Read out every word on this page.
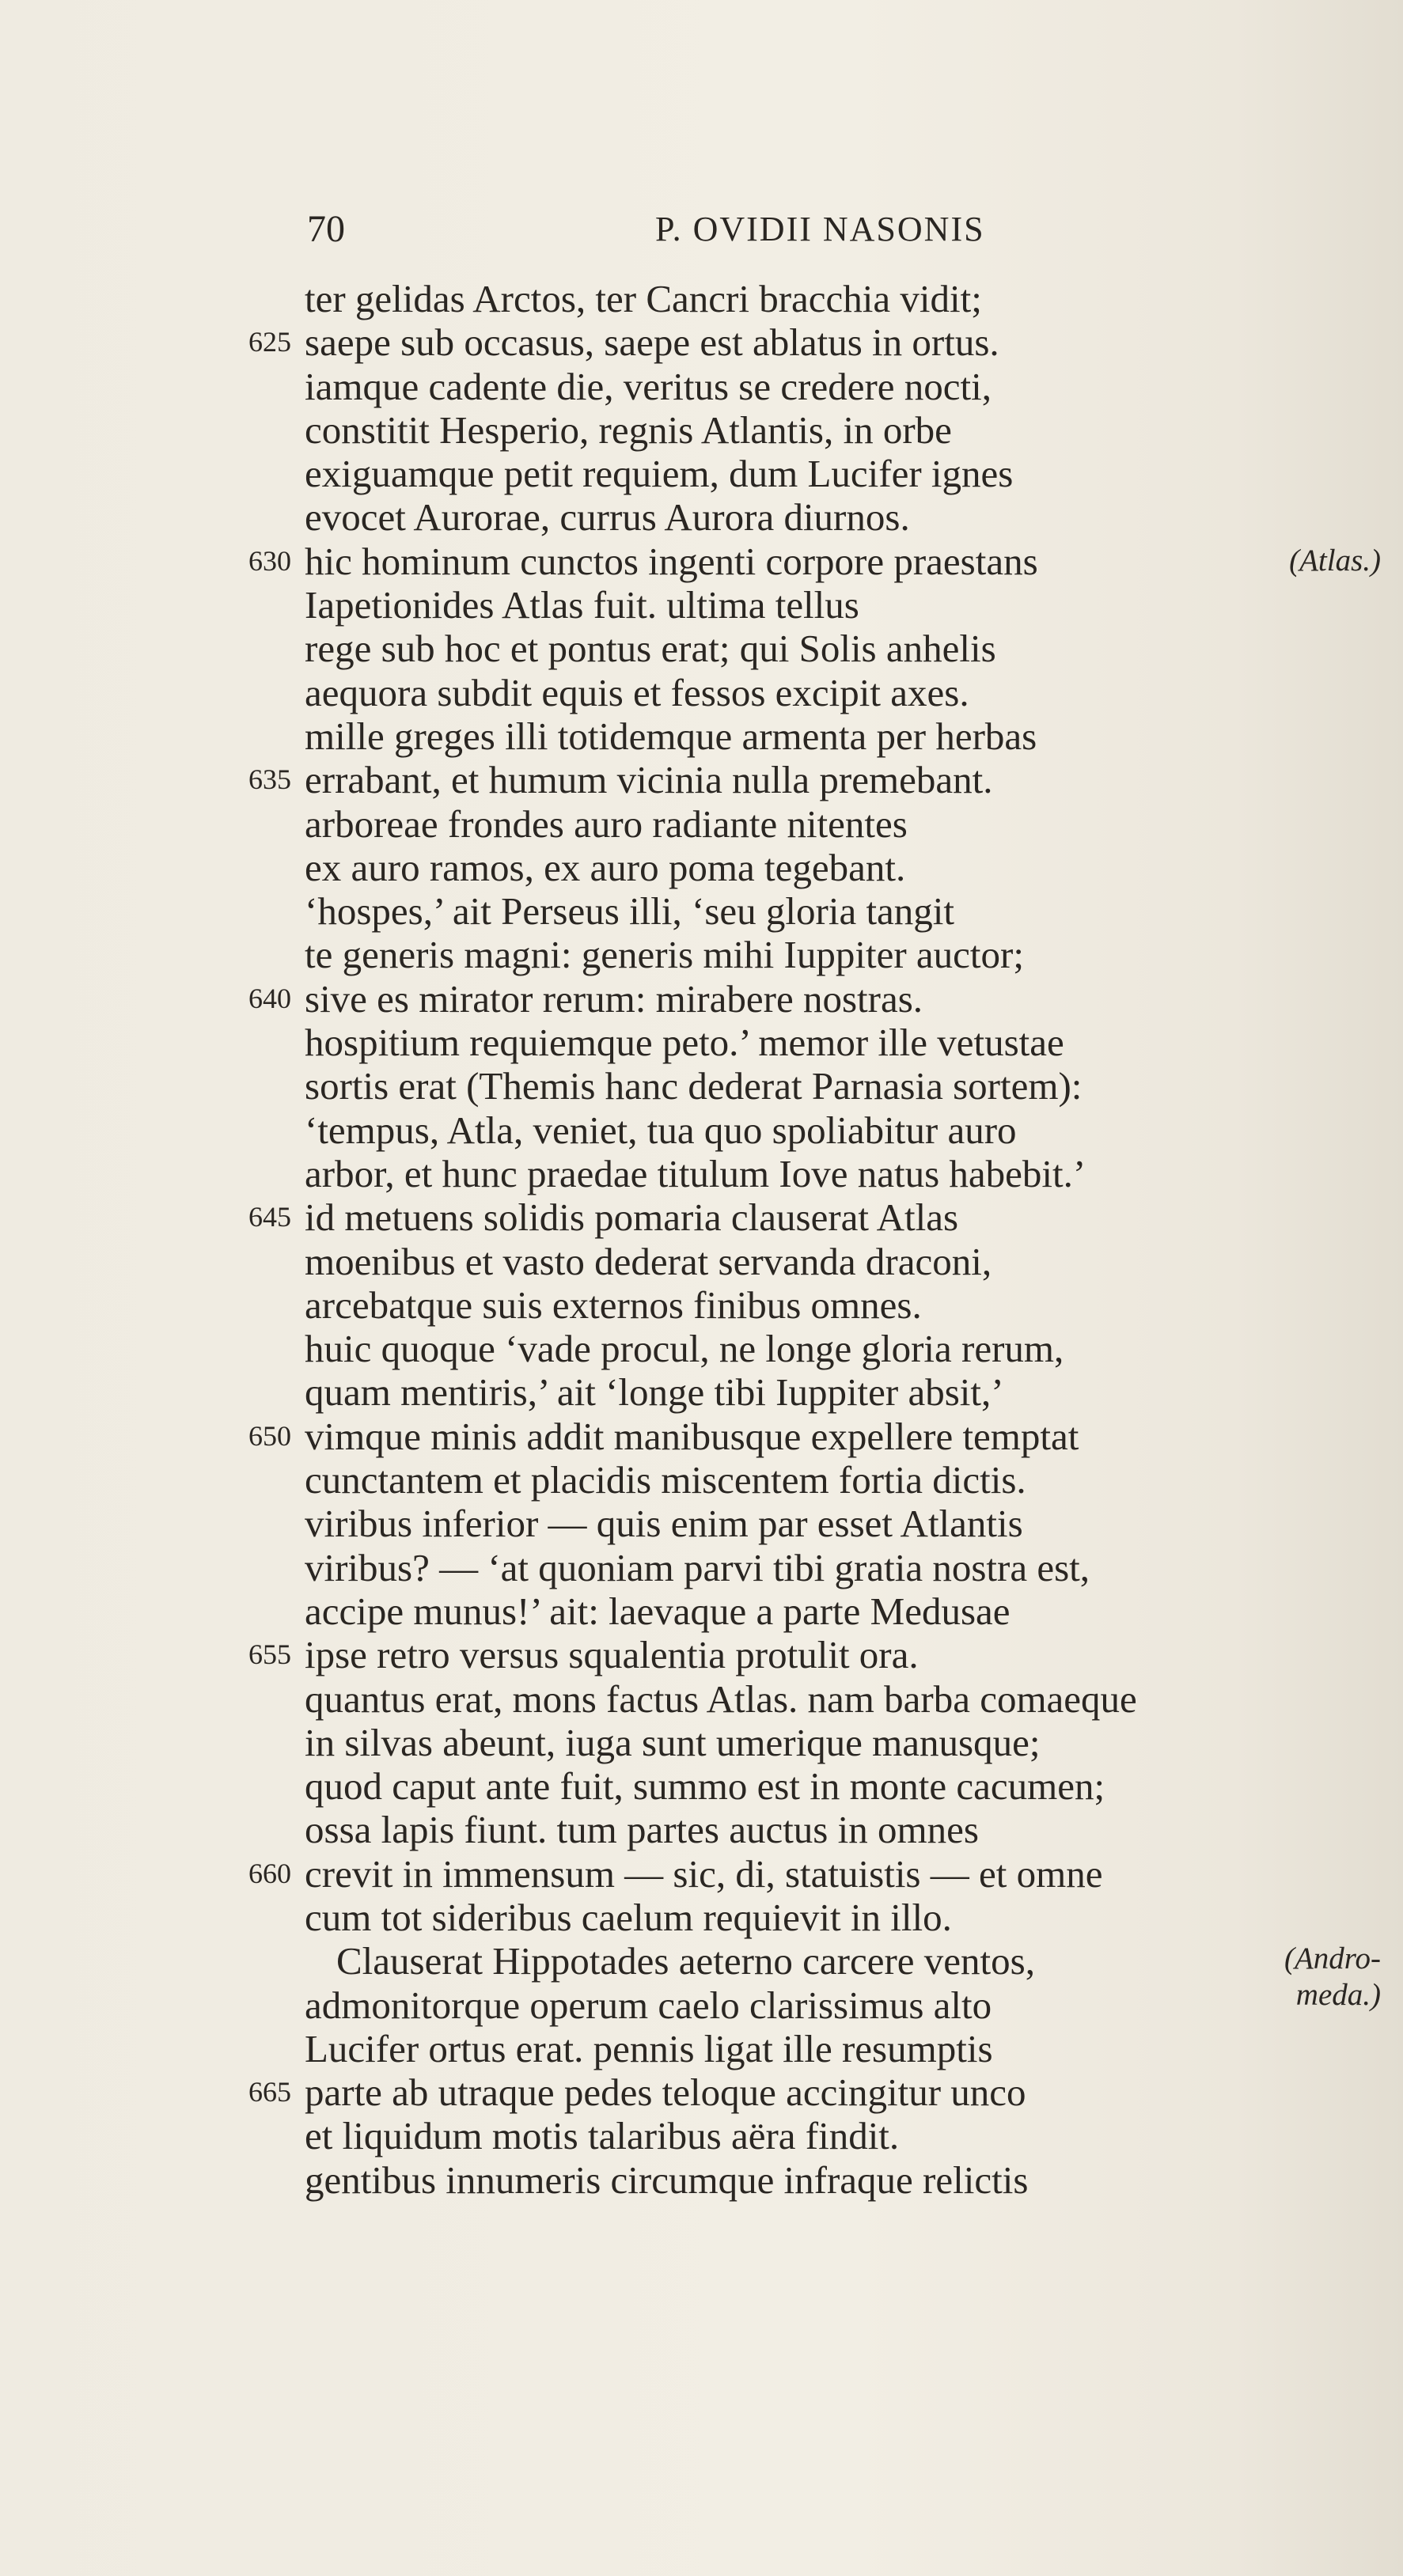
70	P. OVIDII NASONIS
ter gelidas Arctos, ter Cancri bracchia vidit;
625 saepe sub occasus, saepe est ablatus in ortus.
iamque cadente die, veritus se credere nocti,
constitit Hesperio, regnis Atlantis, in orbe
exiguamque petit requiem, dum Lucifer ignes
evocet Aurorae, currus Aurora diurnos.
630 hic hominum cunctos ingenti corpore praestans	(Atlas.)
Iapetionides Atlas fuit. ultima tellus
rege sub hoc et pontus erat; qui Solis anhelis
aequora subdit equis et fessos excipit axes.
mille greges illi totidemque armenta per herbas
635 errabant, et humum vicinia nulla premebant.
arboreae frondes auro radiante nitentes
ex auro ramos, ex auro poma tegebant.
‘hospes,’ ait Perseus illi, ‘seu gloria tangit
te generis magni: generis mihi Iuppiter auctor;
640 sive es mirator rerum: mirabere nostras.
hospitium requiemque peto.’ memor ille vetustae
sortis erat (Themis hanc dederat Parnasia sortem):
‘tempus, Atla, veniet, tua quo spoliabitur auro
arbor, et hunc praedae titulum Iove natus habebit.’
645 id metuens solidis pomaria clauserat Atlas
moenibus et vasto dederat servanda draconi,
arcebatque suis externos finibus omnes.
huic quoque ‘vade procul, ne longe gloria rerum,
quam mentiris,’ ait ‘longe tibi Iuppiter absit,’
650 vimque minis addit manibusque expellere temptat
cunctantem et placidis miscentem fortia dictis.
viribus inferior — quis enim par esset Atlantis
viribus? — ‘at quoniam parvi tibi gratia nostra est,
accipe munus!’ ait: laevaque a parte Medusae
655 ipse retro versus squalentia protulit ora.
quantus erat, mons factus Atlas. nam barba comaeque
in silvas abeunt, iuga sunt umerique manusque;
quod caput ante fuit, summo est in monte cacumen;
ossa lapis fiunt. tum partes auctus in omnes
660 crevit in immensum — sic, di, statuistis — et omne
cum tot sideribus caelum requievit in illo.
Clauserat Hippotades aeterno carcere ventos,	(Andro-
meda.)
admonitorque operum caelo clarissimus alto
Lucifer ortus erat. pennis ligat ille resumptis
665 parte ab utraque pedes teloque accingitur unco
et liquidum motis talaribus aëra findit.
gentibus innumeris circumque infraque relictis
